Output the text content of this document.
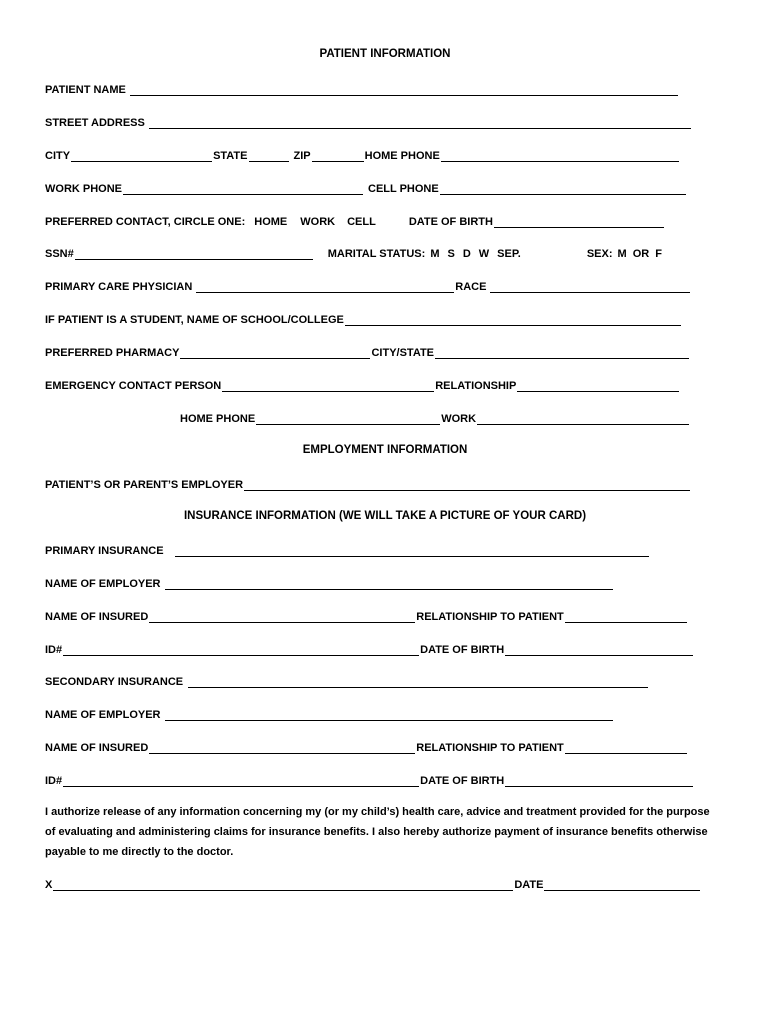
PATIENT INFORMATION
PATIENT NAME
STREET ADDRESS
CITY	STATE	ZIP	HOME PHONE
WORK PHONE	CELL PHONE
PREFERRED CONTACT, CIRCLE ONE: HOME WORK CELL	DATE OF BIRTH
SSN#	MARITAL STATUS: M S D W SEP.	SEX: M OR F
PRIMARY CARE PHYSICIAN	RACE
IF PATIENT IS A STUDENT, NAME OF SCHOOL/COLLEGE
PREFERRED PHARMACY	CITY/STATE
EMERGENCY CONTACT PERSON	RELATIONSHIP
HOME PHONE	WORK
EMPLOYMENT INFORMATION
PATIENT’S OR PARENT’S EMPLOYER
INSURANCE INFORMATION (WE WILL TAKE A PICTURE OF YOUR CARD)
PRIMARY INSURANCE
NAME OF EMPLOYER
NAME OF INSURED	RELATIONSHIP TO PATIENT
ID#	DATE OF BIRTH
SECONDARY INSURANCE
NAME OF EMPLOYER
NAME OF INSURED	RELATIONSHIP TO PATIENT
ID#	DATE OF BIRTH
I authorize release of any information concerning my (or my child’s) health care, advice and treatment provided for the purpose of evaluating and administering claims for insurance benefits. I also hereby authorize payment of insurance benefits otherwise payable to me directly to the doctor.
X	DATE
